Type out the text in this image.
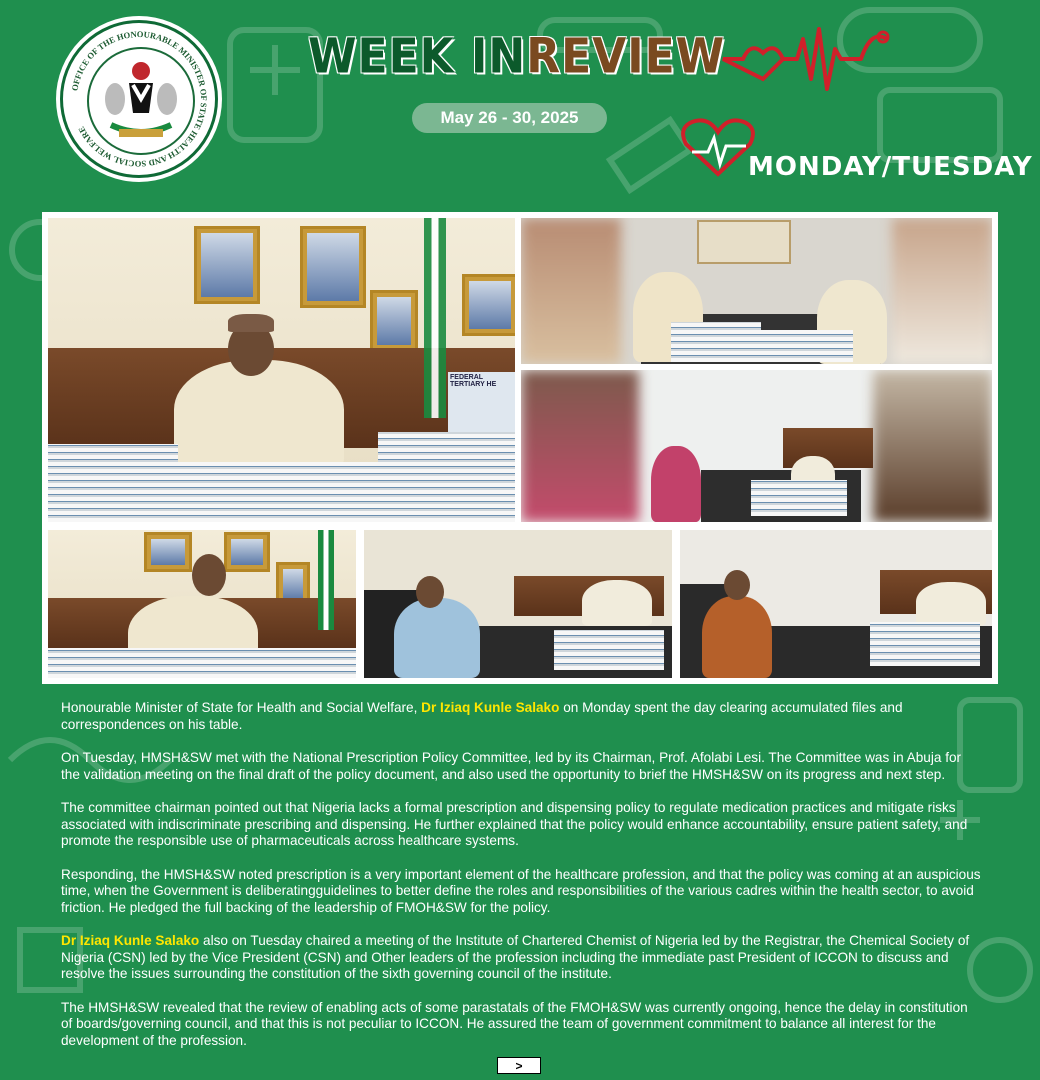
OFFICE OF THE HONOURABLE MINISTER OF STATE HEALTH AND SOCIAL WELFARE
WEEK IN REVIEW
May 26 - 30, 2025
MONDAY/TUESDAY
FEDERAL TERTIARY HE

Honourable Minister of State for Health and Social Welfare, Dr Iziaq Kunle Salako on Monday spent the day clearing accumulated files and correspondences on his table.

On Tuesday, HMSH&SW met with the National Prescription Policy Committee, led by its Chairman, Prof. Afolabi Lesi. The Committee was in Abuja for the validation meeting on the final draft of the policy document, and also used the opportunity to brief the HMSH&SW on its progress and next step.

The committee chairman pointed out that Nigeria lacks a formal prescription and dispensing policy to regulate medication practices and mitigate risks associated with indiscriminate prescribing and dispensing. He further explained that the policy would enhance accountability, ensure patient safety, and promote the responsible use of pharmaceuticals across healthcare systems.

Responding, the HMSH&SW noted prescription is a very important element of the healthcare profession, and that the policy was coming at an auspicious time, when the Government is deliberatingguidelines to better define the roles and responsibilities of the various cadres within the health sector, to avoid friction. He pledged the full backing of the leadership of FMOH&SW for the policy.

Dr Iziaq Kunle Salako also on Tuesday chaired a meeting of the Institute of Chartered Chemist of Nigeria led by the Registrar, the Chemical Society of Nigeria (CSN) led by the Vice President (CSN) and Other leaders of the profession including the immediate past President of ICCON to discuss and resolve the issues surrounding the constitution of the sixth governing council of the institute.

The HMSH&SW revealed that the review of enabling acts of some parastatals of the FMOH&SW was currently ongoing, hence the delay in constitution of boards/governing council, and that this is not peculiar to ICCON. He assured the team of government commitment to balance all interest for the development of the profession.

>
